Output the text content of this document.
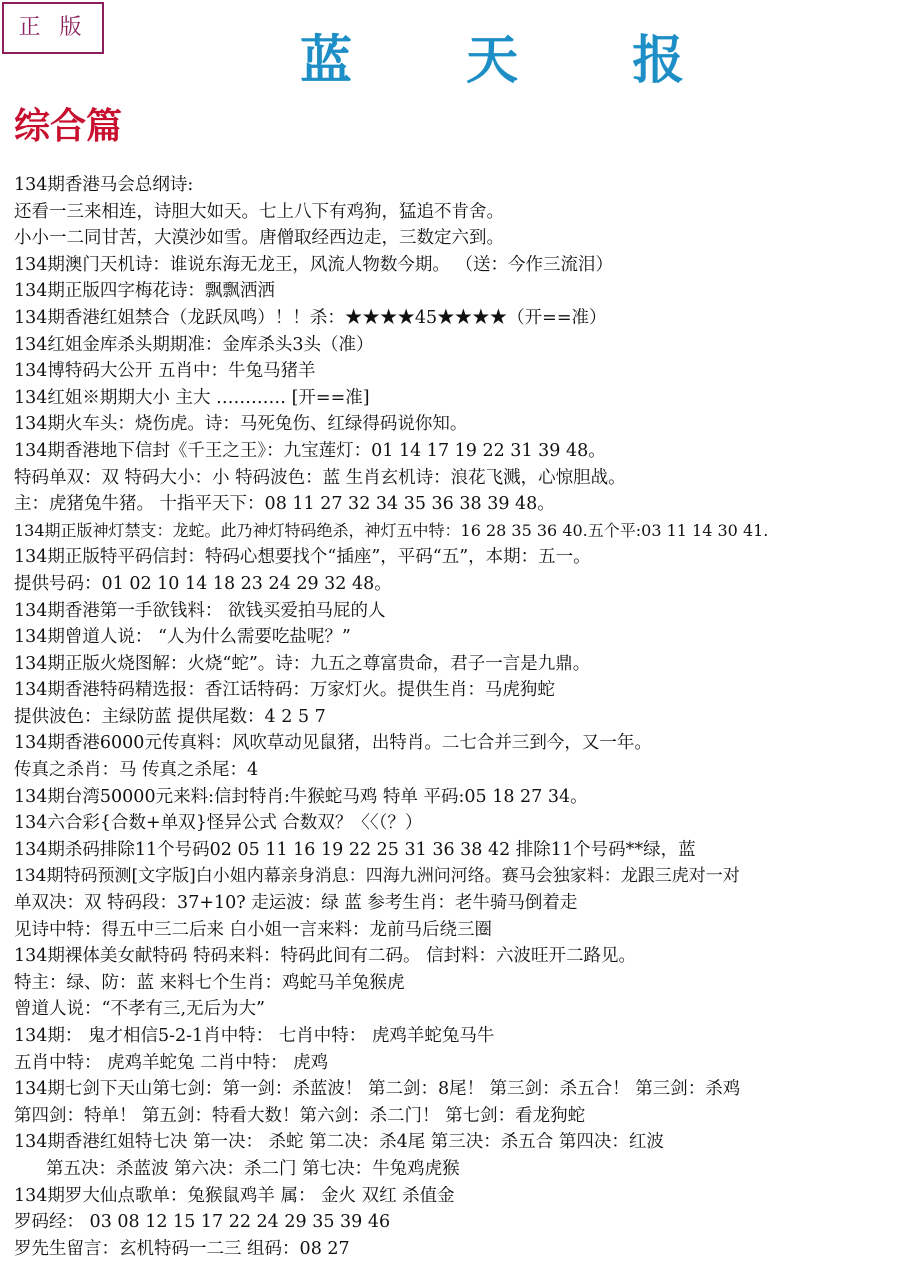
正 版
蓝 天 报
综合篇
134期香港马会总纲诗:
还看一三来相连，诗胆大如天。七上八下有鸡狗，猛追不肯舍。
小小一二同甘苦，大漠沙如雪。唐僧取经西边走，三数定六到。
134期澳门天机诗：谁说东海无龙王，风流人物数今期。 （送：今作三流泪）
134期正版四字梅花诗：飘飘洒洒
134期香港红姐禁合（龙跃凤鸣）！！杀：★★★★45★★★★（开==准）
134红姐金库杀头期期准：金库杀头3头（准）
134博特码大公开 五肖中：牛兔马猪羊
134红姐※期期大小 主大 ………… [开==准]
134期火车头：烧伤虎。诗：马死兔伤、红绿得码说你知。
134期香港地下信封《千王之王》：九宝莲灯：01 14 17 19 22 31 39 48。
特码单双：双 特码大小：小 特码波色：蓝 生肖玄机诗：浪花飞溅，心惊胆战。
主：虎猪兔牛猪。 十指平天下：08 11 27 32 34 35 36 38 39 48。
134期正版神灯禁支：龙蛇。此乃神灯特码绝杀，神灯五中特：16 28 35 36 40.五个平:03 11 14 30 41.
134期正版特平码信封：特码心想要找个“插座”，平码“五”，本期：五一。
提供号码：01 02 10 14 18 23 24 29 32 48。
134期香港第一手欲钱料： 欲钱买爱拍马屁的人
134期曾道人说： “人为什么需要吃盐呢？”
134期正版火烧图解：火烧“蛇”。诗：九五之尊富贵命，君子一言是九鼎。
134期香港特码精选报：香江话特码：万家灯火。提供生肖：马虎狗蛇
提供波色：主绿防蓝 提供尾数：4 2 5 7
134期香港6000元传真料：风吹草动见鼠猪，出特肖。二七合并三到今，又一年。
传真之杀肖：马 传真之杀尾：4
134期台湾50000元来料:信封特肖:牛猴蛇马鸡 特单 平码:05 18 27 34。
134六合彩{合数+单双}怪异公式 合数双？〈〈（？）
134期杀码排除11个号码02 05 11 16 19 22 25 31 36 38 42 排除11个号码**绿，蓝
134期特码预测[文字版]白小姐内幕亲身消息：四海九洲问河络。赛马会独家料：龙跟三虎对一对
单双决：双 特码段：37+10? 走运波：绿 蓝 参考生肖：老牛骑马倒着走
见诗中特：得五中三二后来 白小姐一言来料：龙前马后绕三圈
134期裸体美女献特码 特码来料：特码此间有二码。 信封料：六波旺开二路见。
特主：绿、防：蓝 来料七个生肖：鸡蛇马羊兔猴虎
曾道人说：“不孝有三,无后为大”
134期： 鬼才相信5-2-1肖中特： 七肖中特： 虎鸡羊蛇兔马牛
五肖中特： 虎鸡羊蛇兔 二肖中特： 虎鸡
134期七剑下天山第七剑：第一剑：杀蓝波！ 第二剑：8尾！ 第三剑：杀五合！ 第三剑：杀鸡
第四剑：特单！ 第五剑：特看大数！第六剑：杀二门！ 第七剑：看龙狗蛇
134期香港红姐特七决 第一决： 杀蛇 第二决：杀4尾 第三决：杀五合 第四决：红波
第五决：杀蓝波 第六决：杀二门 第七决：牛兔鸡虎猴
134期罗大仙点歌单：兔猴鼠鸡羊 属： 金火 双红 杀值金
罗码经： 03 08 12 15 17 22 24 29 35 39 46
罗先生留言：玄机特码一二三 组码：08 27
